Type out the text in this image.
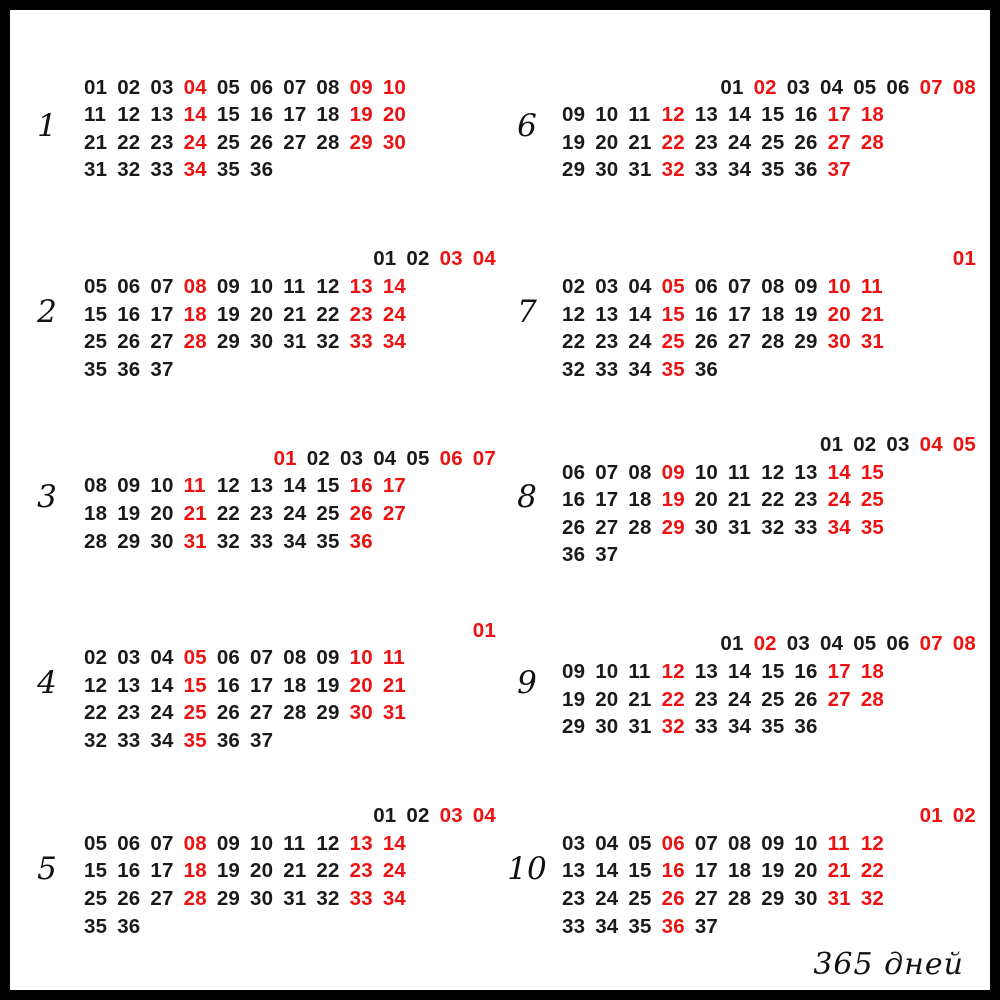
1
01 02 03 04 05 06 07 08 09 10
11 12 13 14 15 16 17 18 19 20
21 22 23 24 25 26 27 28 29 30
31 32 33 34 35 36
6
01 02 03 04 05 06 07 08
09 10 11 12 13 14 15 16 17 18
19 20 21 22 23 24 25 26 27 28
29 30 31 32 33 34 35 36 37
2
01 02 03 04
05 06 07 08 09 10 11 12 13 14
15 16 17 18 19 20 21 22 23 24
25 26 27 28 29 30 31 32 33 34
35 36 37
7
01
02 03 04 05 06 07 08 09 10 11
12 13 14 15 16 17 18 19 20 21
22 23 24 25 26 27 28 29 30 31
32 33 34 35 36
3
01 02 03 04 05 06 07
08 09 10 11 12 13 14 15 16 17
18 19 20 21 22 23 24 25 26 27
28 29 30 31 32 33 34 35 36
8
01 02 03 04 05
06 07 08 09 10 11 12 13 14 15
16 17 18 19 20 21 22 23 24 25
26 27 28 29 30 31 32 33 34 35
36 37
4
01
02 03 04 05 06 07 08 09 10 11
12 13 14 15 16 17 18 19 20 21
22 23 24 25 26 27 28 29 30 31
32 33 34 35 36 37
9
01 02 03 04 05 06 07 08
09 10 11 12 13 14 15 16 17 18
19 20 21 22 23 24 25 26 27 28
29 30 31 32 33 34 35 36
5
01 02 03 04
05 06 07 08 09 10 11 12 13 14
15 16 17 18 19 20 21 22 23 24
25 26 27 28 29 30 31 32 33 34
35 36
10
01 02
03 04 05 06 07 08 09 10 11 12
13 14 15 16 17 18 19 20 21 22
23 24 25 26 27 28 29 30 31 32
33 34 35 36 37
365 дней
